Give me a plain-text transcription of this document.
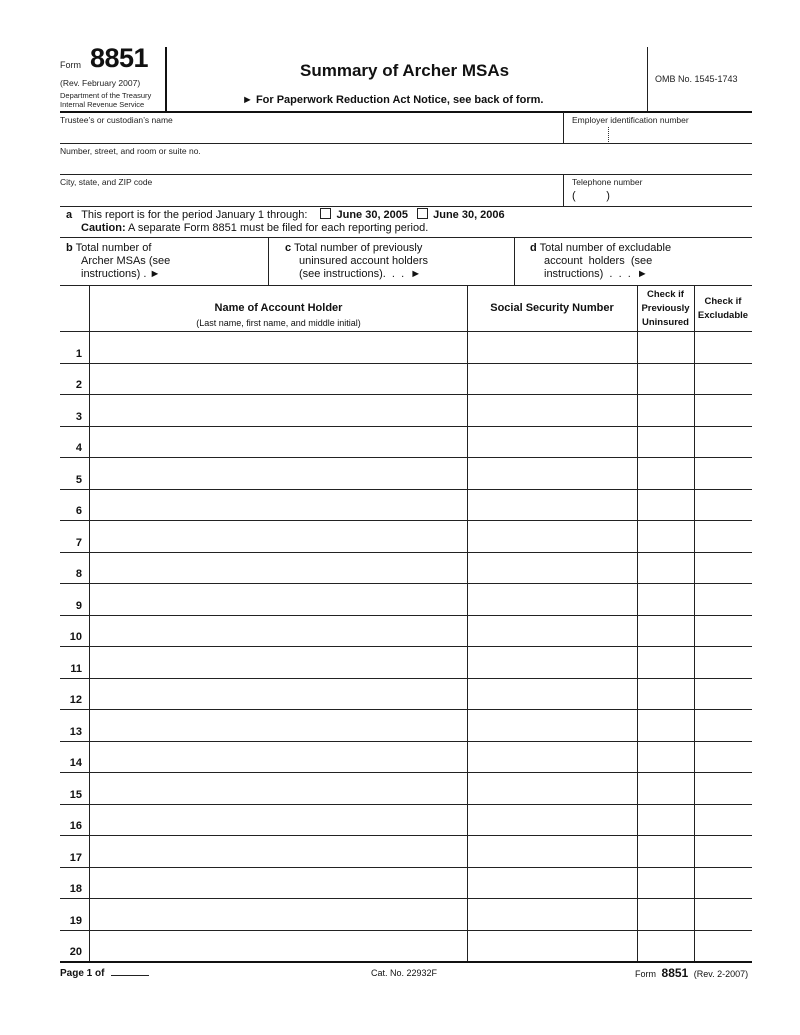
Form 8851
(Rev. February 2007)
Department of the Treasury
Internal Revenue Service
Summary of Archer MSAs
► For Paperwork Reduction Act Notice, see back of form.
OMB No. 1545-1743
Trustee’s or custodian’s name	Employer identification number
Number, street, and room or suite no.
City, state, and ZIP code	Telephone number
(          )
a This report is for the period January 1 through:	June 30, 2005 June 30, 2006
Caution: A separate Form 8851 must be filed for each reporting period.
b Total number of
Archer MSAs (see
instructions) . ►
c Total number of previously
uninsured account holders
(see instructions).  .  .  ►
d Total number of excludable
account  holders  (see
instructions)  .  .  .  ►
Name of Account Holder
(Last name, first name, and middle initial)
Social Security Number
Check if
Previously
Uninsured
Check if
Excludable
1
2
3
4
5
6
7
8
9
10
11
12
13
14
15
16
17
18
19
20
Page 1 of	Cat. No. 22932F	Form 8851 (Rev. 2-2007)
